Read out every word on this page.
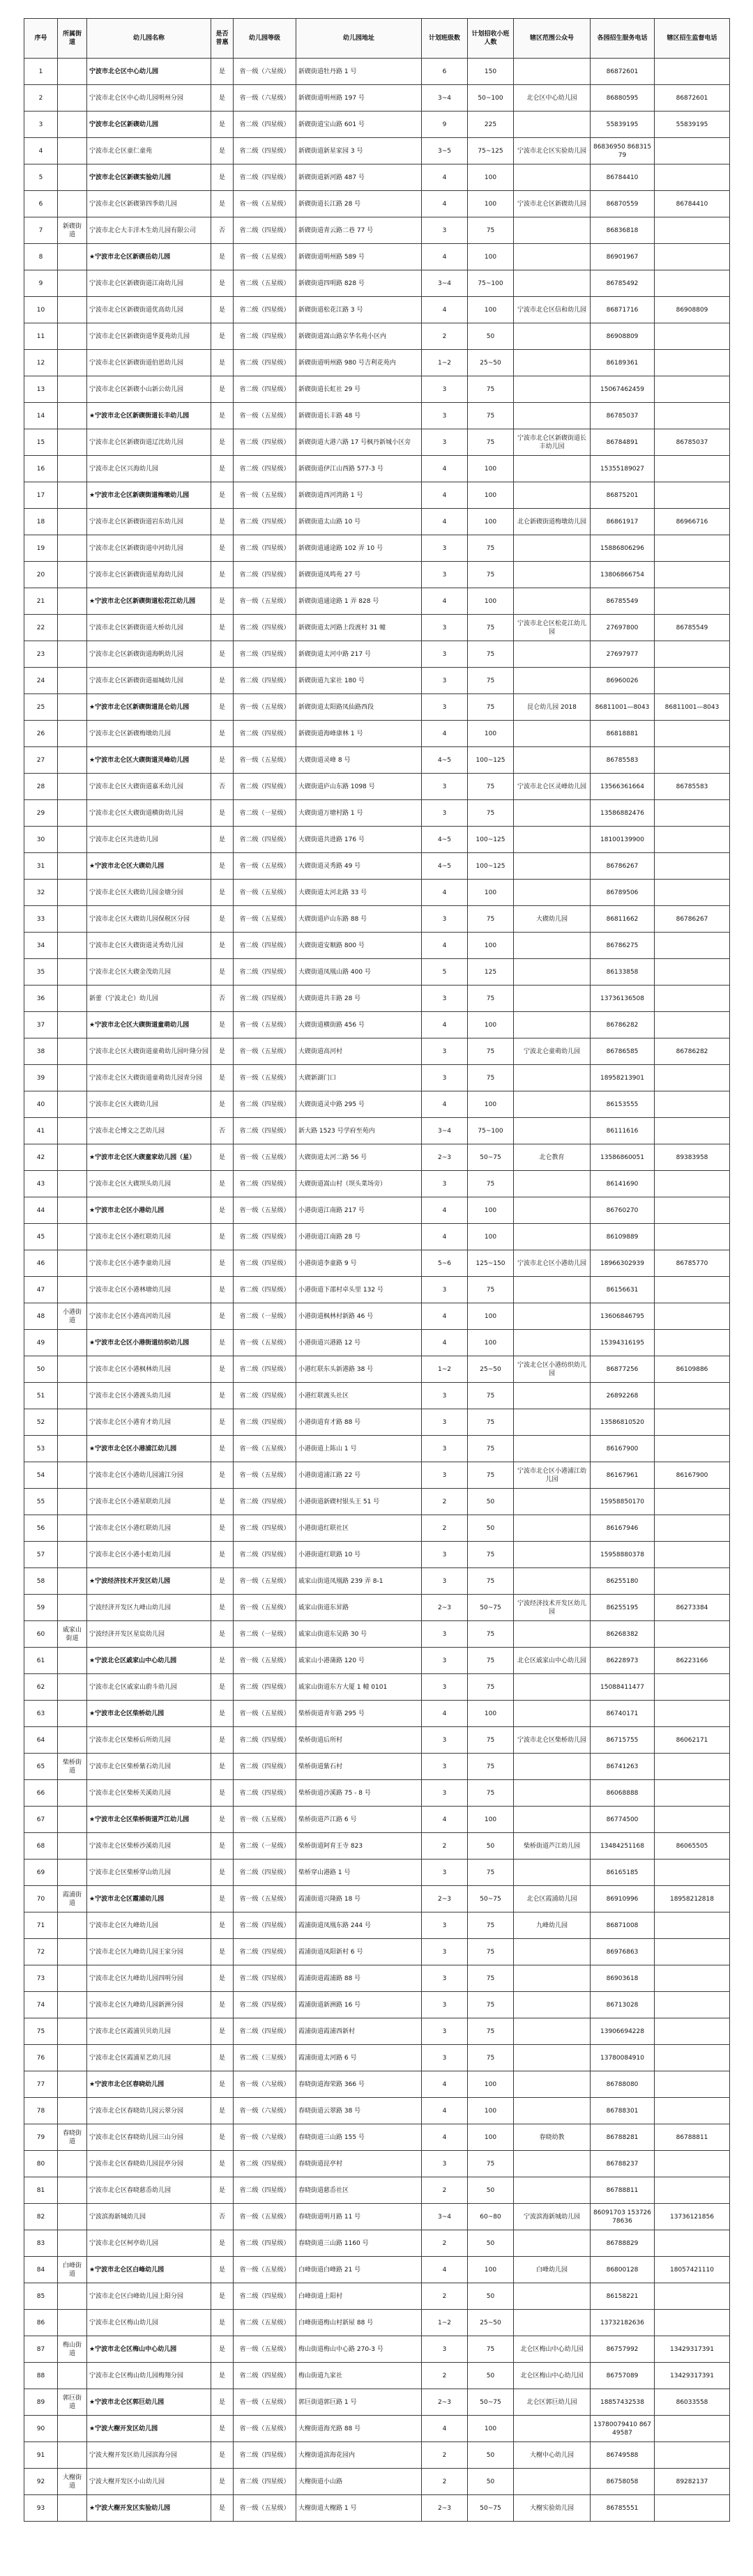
序号	所属街道	幼儿园名称	是否普惠	幼儿园等级	幼儿园地址	计划班级数	计划招收小班人数	辖区范围公众号	各园招生服务电话	辖区招生监督电话
1		宁波市北仑区中心幼儿园	是	省一级（六星级）	新碶街道牡丹路 1 号	6	150		86872601	
2		宁波市北仑区中心幼儿园明州分园	是	省一级（六星级）	新碶街道明州路 197 号	3~4	50~100	北仑区中心幼儿园	86880595	86872601
3		宁波市北仑区新碶幼儿园	是	省二级（四星级）	新碶街道宝山路 601 号	9	225		55839195	55839195
4		宁波市北仑区童仁童苑	是	省二级（四星级）	新碶街道新星家园 3 号	3~5	75~125	宁波市北仑区实验幼儿园	86836950 86831579	
5		宁波市北仑区新碶实验幼儿园	是	省二级（四星级）	新碶街道新河路 487 号	4	100		86784410	
6		宁波市北仑区新碶第四季幼儿园	是	省一级（五星级）	新碶街道长江路 28 号	4	100	宁波市北仑区新碶幼儿园	86870559	86784410
7	新碶街道	宁波市北仑大丰洋木生幼儿园有限公司	否	省二级（四星级）	新碶街道青云路二巷 77 号	3	75		86836818	
8		★宁波市北仑区新碶岳幼儿园	是	省一级（五星级）	新碶街道明州路 589 号	4	100		86901967	
9		宁波市北仑区新碶街道江南幼儿园	是	省二级（五星级）	新碶街道四明路 828 号	3~4	75~100		86785492	
10		宁波市北仑区新碶街道优高幼儿园	是	省二级（四星级）	新碶街道松花江路 3 号	4	100	宁波市北仑区信和幼儿园	86871716	86908809
11		宁波市北仑区新碶街道华夏苑幼儿园	是	省二级（四星级）	新碶街道嵩山路京华名苑小区内	2	50		86908809	
12		宁波市北仑区新碶街道伯恩幼儿园	是	省二级（四星级）	新碶街道明州路 980 号吉利花苑内	1~2	25~50		86189361	
13		宁波市北仑区新碶小山新公幼儿园	是	省二级（四星级）	新碶街道长虹社 29 号	3	75		15067462459	
14		★宁波市北仑区新碶街道长丰幼儿园	是	省一级（五星级）	新碶街道长丰路 48 号	3	75		86785037	
15		宁波市北仑区新碶街道辽沈幼儿园	是	省二级（四星级）	新碶街道大港六路 17 号枫丹新城小区旁	3	75	宁波市北仑区新碶街道长丰幼儿园	86784891	86785037
16		宁波市北仑区兴海幼儿园	是	省二级（四星级）	新碶街道伊江山西路 577-3 号	4	100		15355189027	
17		★宁波市北仑区新碶街道梅墩幼儿园	是	省一级（五星级）	新碶街道西河湾路 1 号	4	100		86875201	
18		宁波市北仑区新碶街道岩东幼儿园	是	省二级（四星级）	新碶街道太山路 10 号	4	100	北仑新碶街道梅墩幼儿园	86861917	86966716
19		宁波市北仑区新碶街道中河幼儿园	是	省二级（四星级）	新碶街道通途路 102 弄 10 号	3	75		15886806296	
20		宁波市北仑区新碶街道星海幼儿园	是	省二级（四星级）	新碶街道凤鸣苑 27 号	3	75		13806866754	
21		★宁波市北仑区新碶街道松花江幼儿园	是	省一级（五星级）	新碶街道通途路 1 弄 828 号	4	100		86785549	
22		宁波市北仑区新碶街道大桥幼儿园	是	省二级（四星级）	新碶街道太河路上段渡村 31 幢	3	75	宁波市北仑区松花江幼儿园	27697800	86785549
23		宁波市北仑区新碶街道海帆幼儿园	是	省二级（四星级）	新碶街道太河中路 217 号	3	75		27697977	
24		宁波市北仑区新碶街道福城幼儿园	是	省二级（四星级）	新碶街道九家社 180 号	3	75		86960026	
25		★宁波市北仑区新碶街道昆仑幼儿园	是	省一级（五星级）	新碶街道太阳路凤仙路西段	3	75	昆仑幼儿园 2018	86811001—8043	86811001—8043
26		宁波市北仑区新碶梅墩幼儿园	是	省二级（四星级）	新碶街道海峰康林 1 号	4	100		86818881	
27		★宁波市北仑区大碶街道灵峰幼儿园	是	省一级（五星级）	大碶街道灵峰 8 号	4~5	100~125		86785583	
28		宁波市北仑区大碶街道嘉禾幼儿园	否	省二级（四星级）	大碶街道庐山东路 1098 号	3	75	宁波市北仑区灵峰幼儿园	13566361664	86785583
29		宁波市北仑区大碶街道横街幼儿园	是	省二级（一星级）	大碶街道万塘村路 1 号	3	75		13586882476	
30		宁波市北仑区共进幼儿园	是	省二级（四星级）	大碶街道共进路 176 号	4~5	100~125		18100139900	
31		★宁波市北仑区大碶幼儿园	是	省一级（五星级）	大碶街道灵秀路 49 号	4~5	100~125		86786267	
32		宁波市北仑区大碶幼儿园金塘分园	是	省一级（五星级）	大碶街道太河北路 33 号	4	100		86789506	
33		宁波市北仑区大碶幼儿园保税区分园	是	省一级（五星级）	大碶街道庐山东路 88 号	3	75	大碶幼儿园	86811662	86786267
34		宁波市北仑区大碶街道灵秀幼儿园	是	省二级（四星级）	大碶街道安顺路 800 号	4	100		86786275	
35		宁波市北仑区大碶金茂幼儿园	是	省二级（四星级）	大碶街道凤凰山路 400 号	5	125		86133858	
36		新蕾（宁波北仑）幼儿园	否	省二级（四星级）	大碶街道共丰路 28 号	3	75		13736136508	
37		★宁波市北仑区大碶街道童萌幼儿园	是	省一级（五星级）	大碶街道横街路 456 号	4	100		86786282	
38		宁波市北仑区大碶街道童萌幼儿园叶隆分园	是	省一级（五星级）	大碶街道高河村	3	75	宁波北仑童萌幼儿园	86786585	86786282
39		宁波市北仑区大碶街道童萌幼儿园青分园	是	省一级（五星级）	大碶新湖门口	3	75		18958213901	
40		宁波市北仑区大碶幼儿园	是	省二级（四星级）	大碶街道灵中路 295 号	4	100		86153555	
41		宁波市北仑博文之艺幼儿园	否	省二级（四星级）	新大路 1523 号学府至苑内	3~4	75~100		86111616	
42		★宁波市北仑区大碶童家幼儿园（星）	是	省一级（五星级）	大碶街道太河二路 56 号	2~3	50~75	北仑教育	13586860051	89383958
43		宁波市北仑区大碶坝头幼儿园	是	省二级（四星级）	大碶街道嵩山村（坝头菜场旁）	3	75		86141690	
44		★宁波市北仑区小港幼儿园	是	省一级（五星级）	小港街道江南路 217 号	4	100		86760270	
45		宁波市北仑区小港红联幼儿园	是	省二级（四星级）	小港街道江南路 28 号	4	100		86109889	
46		宁波市北仑区小港李童幼儿园	是	省二级（四星级）	小港街道李童路 9 号	5~6	125~150	宁波市北仑区小港幼儿园	18966302939	86785770
47		宁波市北仑区小港林塘幼儿园	是	省二级（四星级）	小港街道下邵村卓头里 132 号	3	75		86156631	
48	小港街道	宁波市北仑区小港高河幼儿园	是	省二级（一星级）	小港街道枫林村新路 46 号	4	100		13606846795	
49		★宁波市北仑区小港街道纺织幼儿园	是	省一级（五星级）	小港街道兴港路 12 号	4	100		15394316195	
50		宁波市北仑区小港枫林幼儿园	是	省二级（四星级）	小港红联东头新港路 38 号	1~2	25~50	宁波北仑区小港纺织幼儿园	86877256	86109886
51		宁波市北仑区小港渡头幼儿园	是	省二级（四星级）	小港红联渡头社区	3	75		26892268	
52		宁波市北仑区小港育才幼儿园	是	省二级（四星级）	小港街道育才路 88 号	3	75		13586810520	
53		★宁波市北仑区小港浦江幼儿园	是	省一级（五星级）	小港街道上陈山 1 号	3	75		86167900	
54		宁波市北仑区小港幼儿园浦江分园	是	省一级（五星级）	小港街道浦江路 22 号	3	75	宁波市北仑区小港浦江幼儿园	86167961	86167900
55		宁波市北仑区小港星联幼儿园	是	省二级（四星级）	小港街道新碶村银头王 51 号	2	50		15958850170	
56		宁波市北仑区小港红联幼儿园	是	省二级（四星级）	小港街道红联社区	2	50		86167946	
57		宁波市北仑区小港小虹幼儿园	是	省二级（四星级）	小港街道红联路 10 号	3	75		15958880378	
58		★宁波经济技术开发区幼儿园	是	省一级（五星级）	戚家山街道凤凰路 239 弄 8-1	3	75		86255180	
59		宁波经济开发区九峰山幼儿园	是	省一级（五星级）	戚家山街道东昇路	2~3	50~75	宁波经济技术开发区幼儿园	86255195	86273384
60	戚家山街道	宁波经济开发区星宸幼儿园	是	省二级（一星级）	戚家山街道东吴路 30 号	3	75		86268382	
61		★宁波北仑区戚家山中心幼儿园	是	省一级（五星级）	戚家山小港蒲路 120 号	3	75	北仑区戚家山中心幼儿园	86228973	86223166
62		宁波市北仑区戚家山蔚斗幼儿园	是	省二级（四星级）	戚家山街道东方大厦 1 幢 0101	3	75		15088411477	
63		★宁波市北仑区柴桥幼儿园	是	省一级（五星级）	柴桥街道青年路 295 号	4	100		86740171	
64		宁波市北仑区柴桥后所幼儿园	是	省二级（四星级）	柴桥街道后所村	3	75	宁波市北仑区柴桥幼儿园	86715755	86062171
65	柴桥街道	宁波市北仑区柴桥紫石幼儿园	是	省二级（四星级）	柴桥街道紫石村	3	75		86741263	
66		宁波市北仑区柴桥关溪幼儿园	是	省二级（四星级）	柴桥街道沙溪路 75 - 8 号	3	75		86068888	
67		★宁波市北仑区柴桥街道芦江幼儿园	是	省一级（五星级）	柴桥街道芦江路 6 号	4	100		86774500	
68		宁波市北仑区柴桥沙溪幼儿园	是	省二级（一星级）	柴桥街道阿育王寺 823	2	50	柴桥街道芦江幼儿园	13484251168	86065505
69		宁波市北仑区柴桥穿山幼儿园	是	省二级（四星级）	柴桥穿山港路 1 号	3	75		86165185	
70	霞浦街道	★宁波市北仑区霞浦幼儿园	是	省一级（五星级）	霞浦街道兴隆路 18 号	2~3	50~75	北仑区霞浦幼儿园	86910996	18958212818
71		宁波市北仑区九峰幼儿园	是	省二级（四星级）	霞浦街道凤凰东路 244 号	3	75	九峰幼儿园	86871008	
72		宁波市北仑区九峰幼儿园王家分园	是	省二级（四星级）	霞浦街道凤阳新村 6 号	3	75		86976863	
73		宁波市北仑区九峰幼儿园四明分园	是	省二级（四星级）	霞浦街道霞浦路 88 号	3	75		86903618	
74		宁波市北仑区九峰幼儿园新洲分园	是	省二级（四星级）	霞浦街道新洲路 16 号	3	75		86713028	
75		宁波市北仑区霞浦贝贝幼儿园	是	省二级（四星级）	霞浦街道霞浦西新村	3	75		13906694228	
76		宁波市北仑区霞浦星艺幼儿园	是	省二级（三星级）	霞浦街道太河路 6 号	3	75		13780084910	
77		★宁波市北仑区春晓幼儿园	是	省一级（六星级）	春晓街道海荣路 366 号	4	100		86788080	
78		宁波市北仑区春晓幼儿园云翠分园	是	省一级（六星级）	春晓街道云翠路 38 号	4	100		86788301	
79	春晓街道	宁波市北仑区春晓幼儿园三山分园	是	省一级（六星级）	春晓街道三山路 155 号	4	100	春晓幼教	86788281	86788811
80		宁波市北仑区春晓幼儿园昆亭分园	是	省二级（四星级）	春晓街道昆亭村	3	75		86788237	
81		宁波市北仑区春晓慈岙幼儿园	是	省二级（四星级）	春晓街道慈岙社区	2	50		86788811	
82		宁波滨海新城幼儿园	否	省一级（五星级）	春晓街道明月路 11 号	3~4	60~80	宁波滨海新城幼儿园	86091703 15372678636	13736121856
83		宁波市北仑区柯亭幼儿园	是	省二级（四星级）	春晓街道三山路 1160 号	2	50		86788829	
84	白峰街道	★宁波市北仑区白峰幼儿园	是	省一级（五星级）	白峰街道白峰路 21 号	4	100	白峰幼儿园	86800128	18057421110
85		宁波市北仑区白峰幼儿园上阳分园	是	省二级（四星级）	白峰街道上阳村	2	50		86158221	
86		宁波市北仑区梅山幼儿园	是	省二级（五星级）	白峰街道梅山村新屋 88 号	1~2	25~50		13732182636	
87	梅山街道	★宁波市北仑区梅山中心幼儿园	是	省一级（五星级）	梅山街道梅山中心路 270-3 号	3	75	北仑区梅山中心幼儿园	86757992	13429317391
88		宁波市北仑区梅山幼儿园梅翔分园	是	省二级（四星级）	梅山街道九家社	2	50	北仑区梅山中心幼儿园	86757089	13429317391
89	郭巨街道	★宁波市北仑区郭巨幼儿园	是	省一级（五星级）	郭巨街道郭巨路 1 号	2~3	50~75	北仑区郭巨幼儿园	18857432538	86033558
90		★宁波大榭开发区幼儿园	是	省一级（五星级）	大榭街道海光路 88 号	4	100		13780079410 86749587	
91		宁波大榭开发区幼儿园滨海分园	是	省二级（四星级）	大榭街道滨海花园内	2	50	大榭中心幼儿园	86749588	
92	大榭街道	宁波大榭开发区小山幼儿园	是	省二级（四星级）	大榭街道小山路	2	50		86758058	89282137
93		★宁波大榭开发区实验幼儿园	是	省一级（五星级）	大榭街道大榭路 1 号	2~3	50~75	大榭实验幼儿园	86785551	
